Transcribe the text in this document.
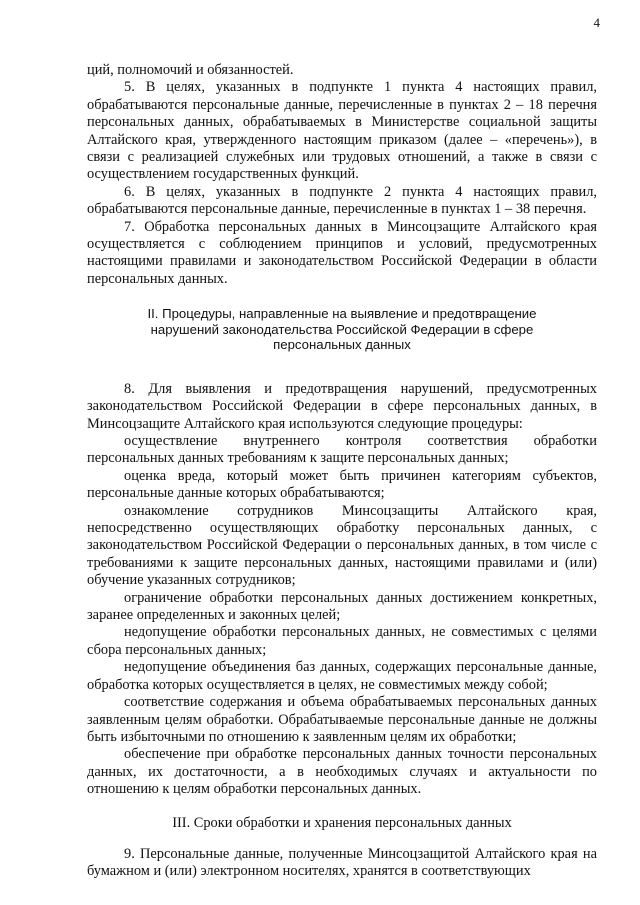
4

ций, полномочий и обязанностей.

5. В целях, указанных в подпункте 1 пункта 4 настоящих правил, обрабатываются персональные данные, перечисленные в пунктах 2 – 18 перечня персональных данных, обрабатываемых в Министерстве социальной защиты Алтайского края, утвержденного настоящим приказом (далее – «перечень»), в связи с реализацией служебных или трудовых отношений, а также в связи с осуществлением государственных функций.

6. В целях, указанных в подпункте 2 пункта 4 настоящих правил, обрабатываются персональные данные, перечисленные в пунктах 1 – 38 перечня.

7. Обработка персональных данных в Минсоцзащите Алтайского края осуществляется с соблюдением принципов и условий, предусмотренных настоящими правилами и законодательством Российской Федерации в области персональных данных.

II. Процедуры, направленные на выявление и предотвращение нарушений законодательства Российской Федерации в сфере персональных данных

8. Для выявления и предотвращения нарушений, предусмотренных законодательством Российской Федерации в сфере персональных данных, в Минсоцзащите Алтайского края используются следующие процедуры:

осуществление внутреннего контроля соответствия обработки персональных данных требованиям к защите персональных данных;

оценка вреда, который может быть причинен категориям субъектов, персональные данные которых обрабатываются;

ознакомление сотрудников Минсоцзащиты Алтайского края, непосредственно осуществляющих обработку персональных данных, с законодательством Российской Федерации о персональных данных, в том числе с требованиями к защите персональных данных, настоящими правилами и (или) обучение указанных сотрудников;

ограничение обработки персональных данных достижением конкретных, заранее определенных и законных целей;

недопущение обработки персональных данных, не совместимых с целями сбора персональных данных;

недопущение объединения баз данных, содержащих персональные данные, обработка которых осуществляется в целях, не совместимых между собой;

соответствие содержания и объема обрабатываемых персональных данных заявленным целям обработки. Обрабатываемые персональные данные не должны быть избыточными по отношению к заявленным целям их обработки;

обеспечение при обработке персональных данных точности персональных данных, их достаточности, а в необходимых случаях и актуальности по отношению к целям обработки персональных данных.

III. Сроки обработки и хранения персональных данных

9. Персональные данные, полученные Минсоцзащитой Алтайского края на бумажном и (или) электронном носителях, хранятся в соответствующих
